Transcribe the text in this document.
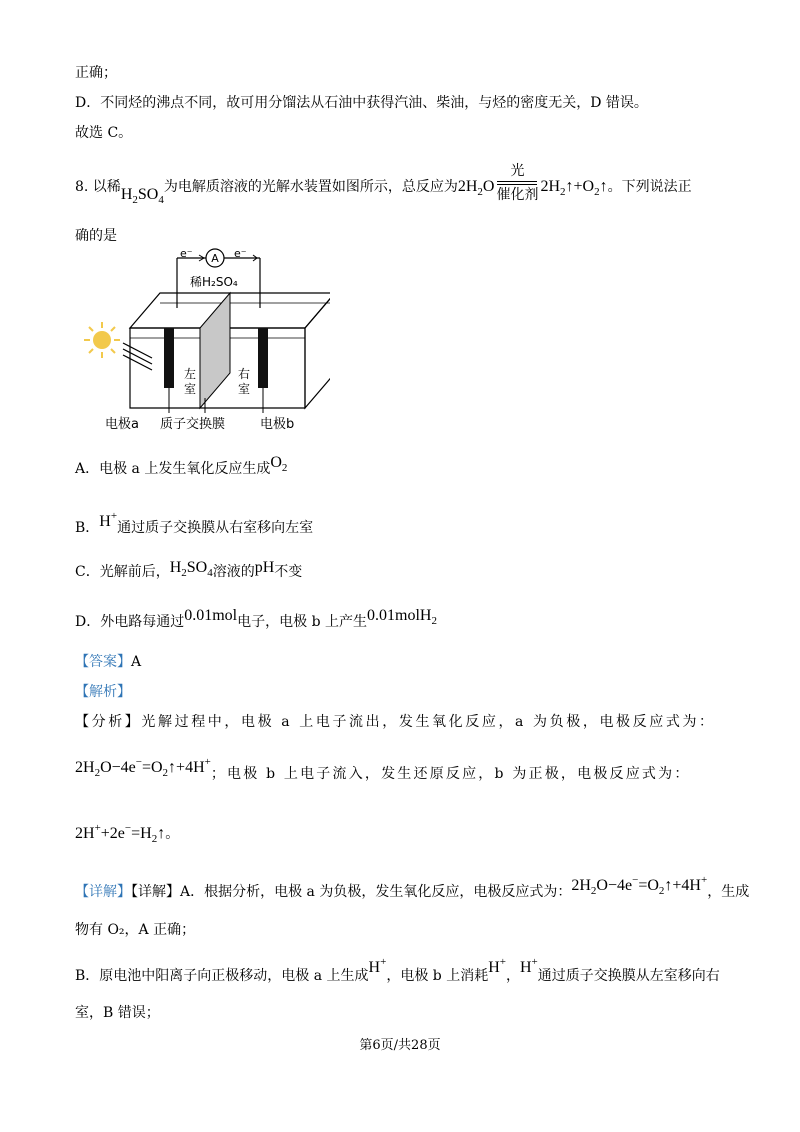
正确；
D．不同烃的沸点不同，故可用分馏法从石油中获得汽油、柴油，与烃的密度无关，D 错误。
故选 C。
8. 以稀$H_2SO_4$为电解质溶液的光解水装置如图所示，总反应为$2H_2O \frac{\text{光}}{\text{催化剂}}$ $2H_2↑+O_2↑$。下列说法正
确的是
A
e⁻	e⁻
稀H₂SO₄
左
室
右
室
电极a 质子交换膜	电极b
A．电极 a 上发生氧化反应生成$O_2$
B．H+通过质子交换膜从右室移向左室
C．光解前后，$H_2SO_4$溶液的pH不变
D．外电路每通过0.01mol电子，电极 b 上产生0.01molH$_2$
【答案】A
【解析】
【分析】光解过程中，电极 a 上电子流出，发生氧化反应，a 为负极，电极反应式为：
$2H_2O-4e^-=O_2↑+4H^+$；电极 b 上电子流入，发生还原反应，b 为正极，电极反应式为：
$2H^++2e^-=H_2↑$。
【详解】【详解】A．根据分析，电极 a 为负极，发生氧化反应，电极反应式为：$2H_2O-4e^-=O_2↑+4H^+$，生成
物有 O₂，A 正确；
B．原电池中阳离子向正极移动，电极 a 上生成H+，电极 b 上消耗H+，H+通过质子交换膜从左室移向右
室，B 错误；
第6页/共28页
